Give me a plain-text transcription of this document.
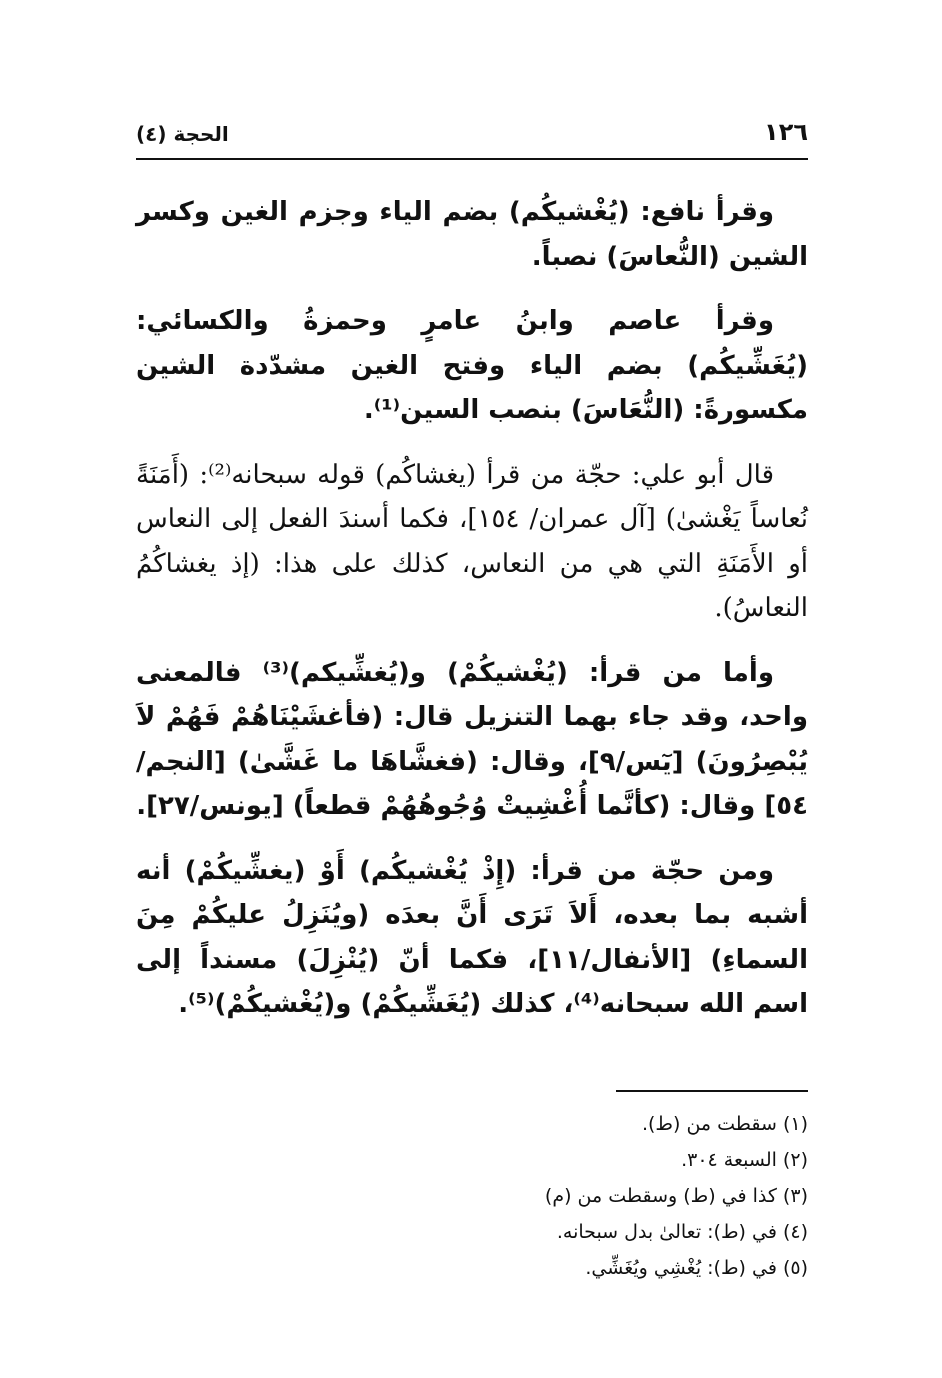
١٢٦
الحجة (٤)

وقرأ نافع: (يُغْشيكُم) بضم الياء وجزم الغين وكسر الشين (النُّعاسَ) نصباً.

وقرأ عاصم وابنُ عامرٍ وحمزةُ والكسائي: (يُغَشِّيكُم) بضم الياء وفتح الغين مشدّدة الشين مكسورةً: (النُّعَاسَ) بنصب السين⁽¹⁾.

قال أبو علي: حجّة من قرأ (يغشاكُم) قوله سبحانه⁽²⁾: (أَمَنَةً نُعاساً يَغْشىٰ) [آل عمران/ ١٥٤]، فكما أسندَ الفعل إلى النعاس أو الأَمَنَةِ التي هي من النعاس، كذلك على هذا: (إذ يغشاكُمُ النعاسُ).

وأما من قرأ: (يُغْشيكُمْ) و(يُغشِّيكم)⁽³⁾ فالمعنى واحد، وقد جاء بهما التنزيل قال: (فأغشَيْنَاهُمْ فَهُمْ لاَ يُبْصِرُونَ) [يٓس/٩]، وقال: (فغشَّاهَا ما غَشَّىٰ) [النجم/٥٤] وقال: (كأنَّما أُغْشِيتْ وُجُوهُهُمْ قطعاً) [يونس/٢٧].

ومن حجّة من قرأ: (إِذْ يُغْشيكُم) أَوْ (يغشِّيكُمْ) أنه أشبه بما بعده، أَلاَ تَرَى أَنَّ بعدَه (ويُنَزِلُ عليكُمْ مِنَ السماءِ) [الأنفال/١١]، فكما أنّ (يُنْزِلَ) مسنداً إلى اسم الله سبحانه⁽⁴⁾، كذلك (يُغَشِّيكُمْ) و(يُغْشيكُمْ)⁽⁵⁾.

(١) سقطت من (ط).
(٢) السبعة ٣٠٤.
(٣) كذا في (ط) وسقطت من (م)
(٤) في (ط): تعالىٰ بدل سبحانه.
(٥) في (ط): يُغْشِي ويُغَشِّي.
